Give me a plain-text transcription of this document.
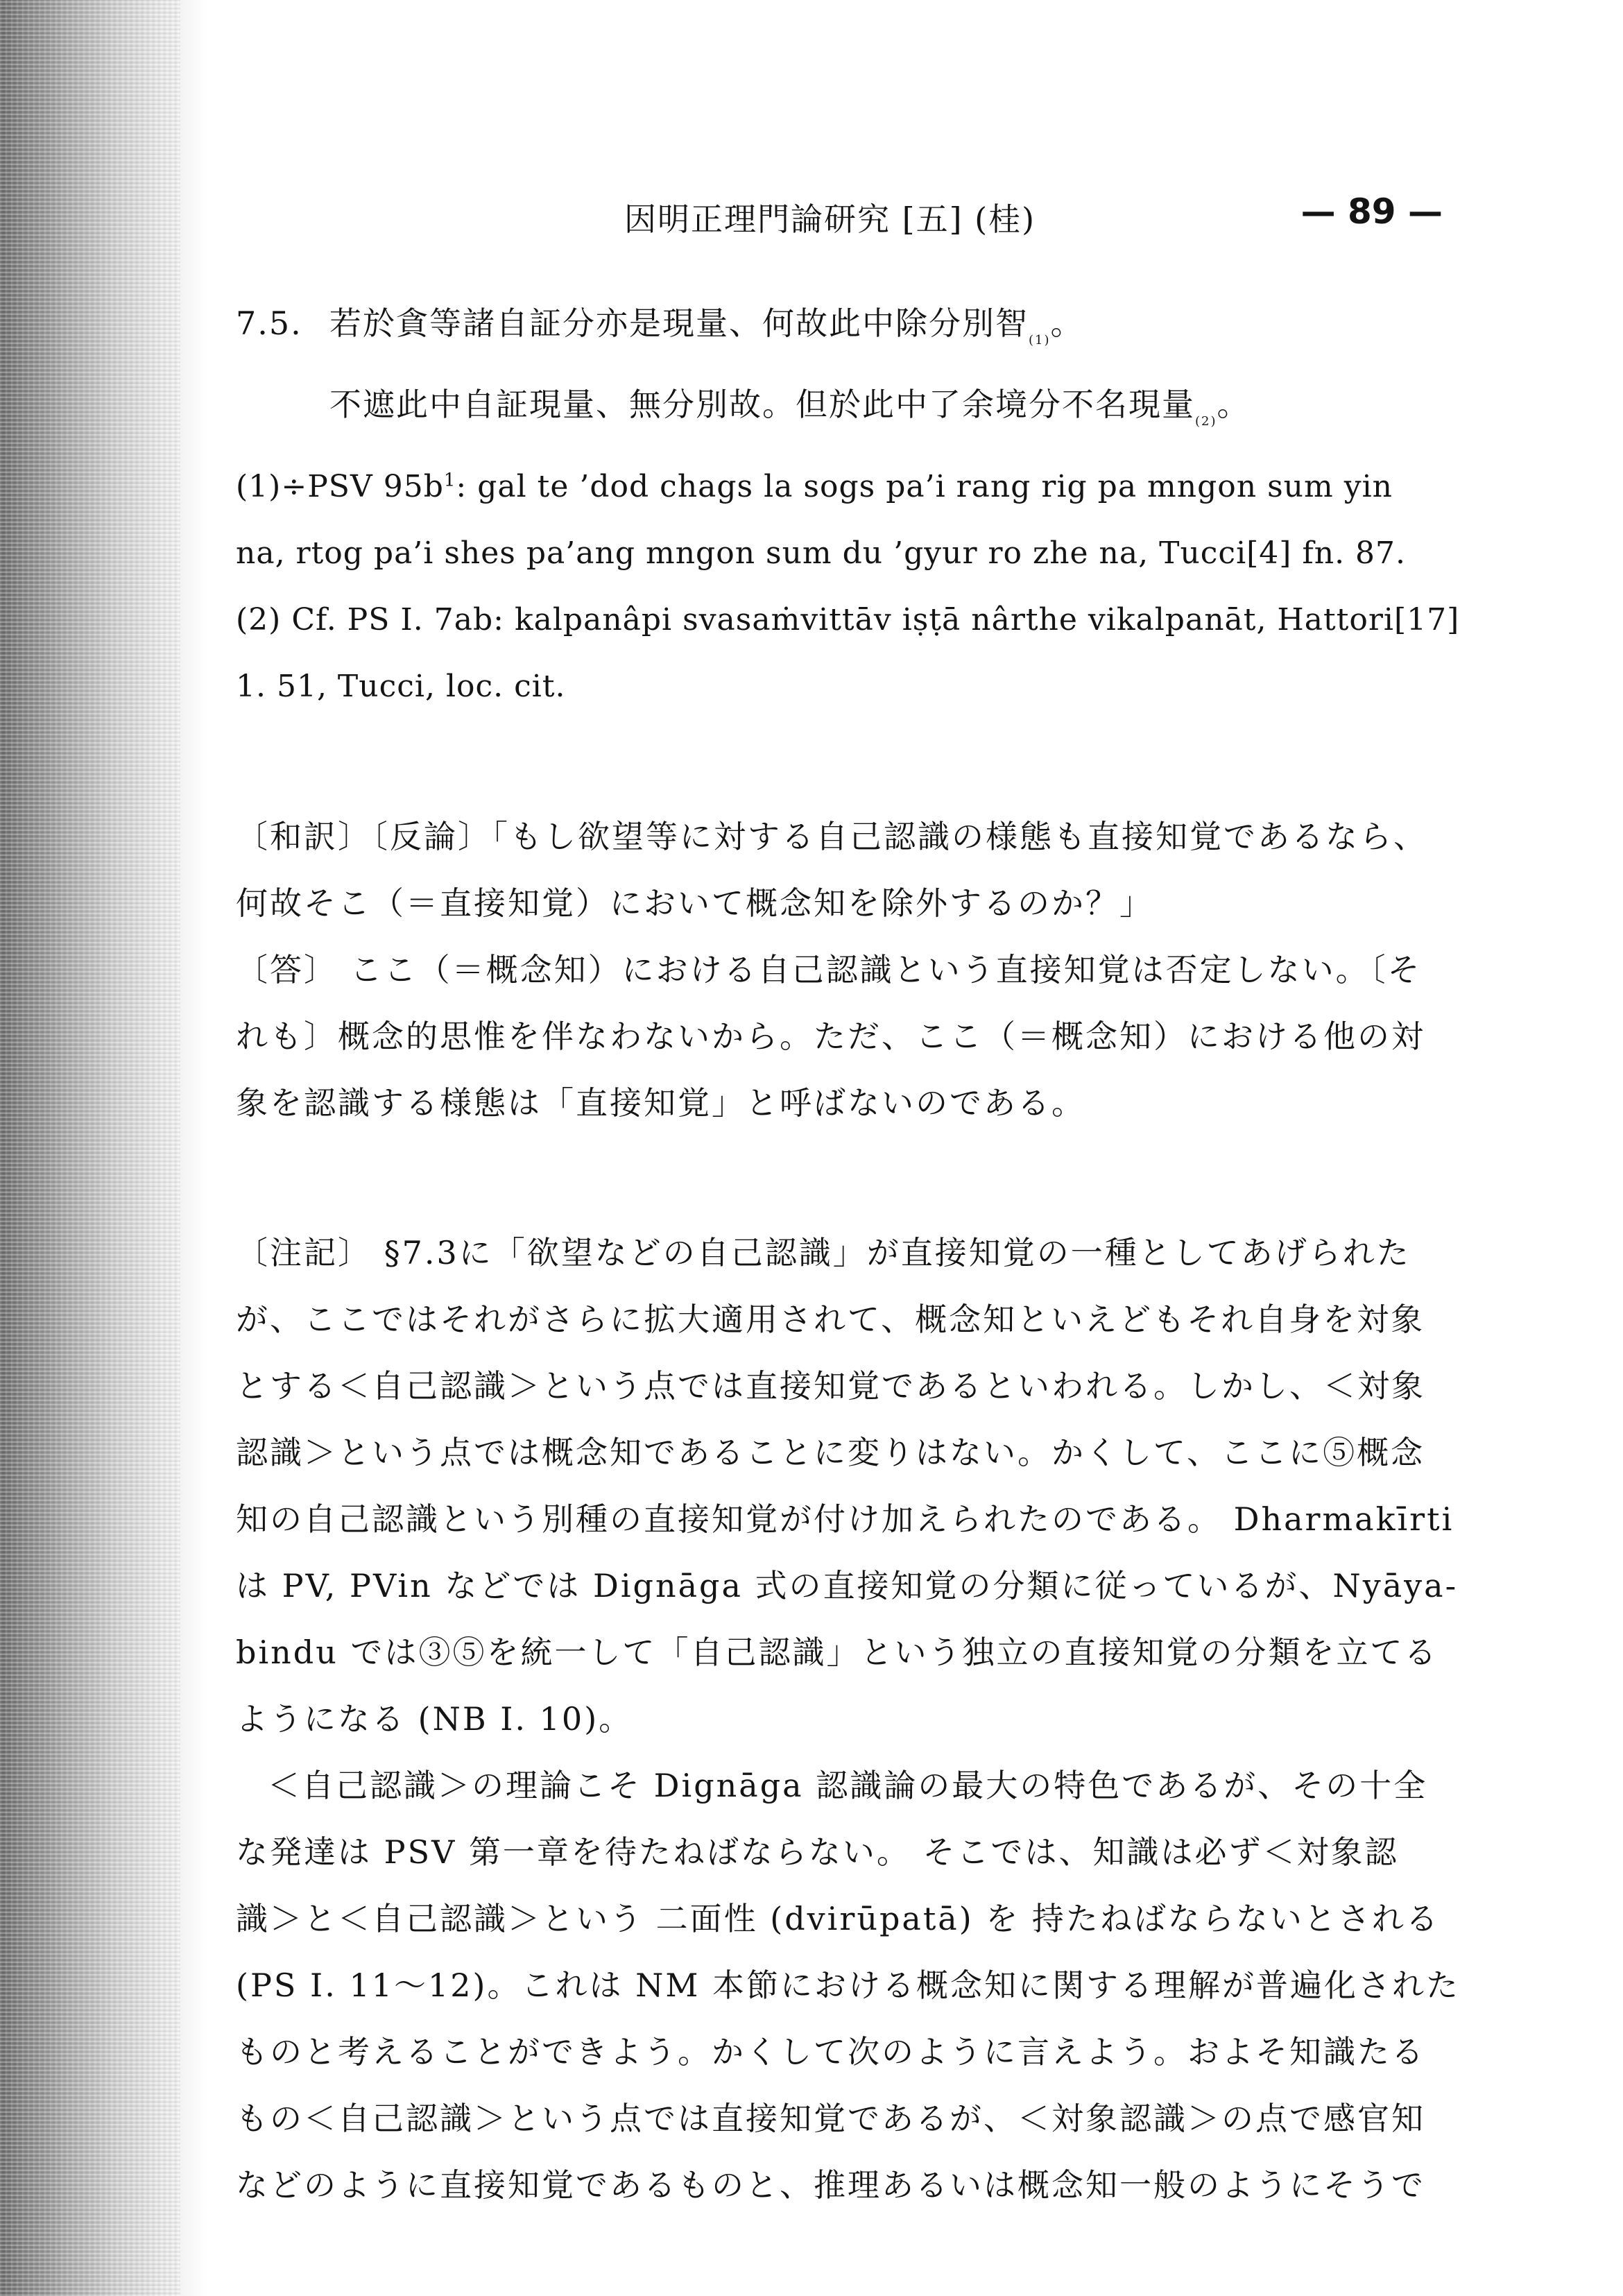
因明正理門論研究 [五] (桂)	— 89 —
7.5. 若於貪等諸自証分亦是現量、何故此中除分別智$_{(1)}$。
不遮此中自証現量、無分別故。但於此中了余境分不名現量$_{(2)}$。
(1)÷PSV $95b^1$: gal te ’dod chags la sogs pa’i rang rig pa mngon sum yin
na, rtog pa’i shes pa’ang mngon sum du ’gyur ro zhe na, Tucci[4] fn. 87.
(2) Cf. PS I. 7ab: kalpanâpi svasaṁvittāv iṣṭā nârthe vikalpanāt, Hattori[17]
1. 51, Tucci, loc. cit.
〔和訳〕〔反論〕「もし欲望等に対する自己認識の様態も直接知覚であるなら、
何故そこ（＝直接知覚）において概念知を除外するのか？」
〔答〕 ここ（＝概念知）における自己認識という直接知覚は否定しない。〔そ
れも〕概念的思惟を伴なわないから。ただ、ここ（＝概念知）における他の対
象を認識する様態は「直接知覚」と呼ばないのである。
〔注記〕 §7.3に「欲望などの自己認識」が直接知覚の一種としてあげられた
が、ここではそれがさらに拡大適用されて、概念知といえどもそれ自身を対象
とする＜自己認識＞という点では直接知覚であるといわれる。しかし、＜対象
認識＞という点では概念知であることに変りはない。かくして、ここに⑤概念
知の自己認識という別種の直接知覚が付け加えられたのである。 Dharmakīrti
は PV, PVin などでは Dignāga 式の直接知覚の分類に従っているが、Nyāya-
bindu では③⑤を統一して「自己認識」という独立の直接知覚の分類を立てる
ようになる (NB I. 10)。
＜自己認識＞の理論こそ Dignāga 認識論の最大の特色であるが、その十全
な発達は PSV 第一章を待たねばならない。 そこでは、知識は必ず＜対象認
識＞と＜自己認識＞という 二面性 (dvirūpatā) を 持たねばならないとされる
(PS I. 11〜12)。これは NM 本節における概念知に関する理解が普遍化された
ものと考えることができよう。かくして次のように言えよう。およそ知識たる
もの＜自己認識＞という点では直接知覚であるが、＜対象認識＞の点で感官知
などのように直接知覚であるものと、推理あるいは概念知一般のようにそうで
